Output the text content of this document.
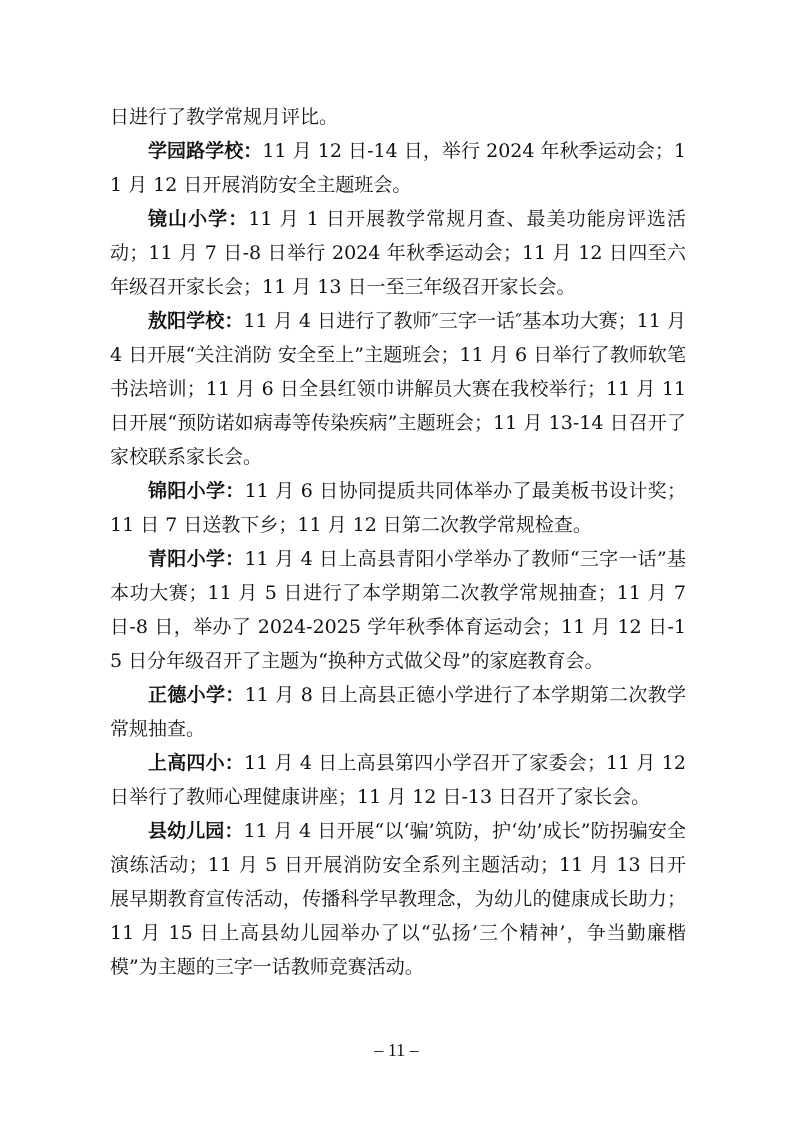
日进行了教学常规月评比。

学园路学校：11 月 12 日-14 日，举行 2024 年秋季运动会；11 月 12 日开展消防安全主题班会。

镜山小学：11 月 1 日开展教学常规月查、最美功能房评选活动；11 月 7 日-8 日举行 2024 年秋季运动会；11 月 12 日四至六年级召开家长会；11 月 13 日一至三年级召开家长会。

敖阳学校：11 月 4 日进行了教师″三字一话″基本功大赛；11 月 4 日开展“关注消防 安全至上”主题班会；11 月 6 日举行了教师软笔书法培训；11 月 6 日全县红领巾讲解员大赛在我校举行；11 月 11 日开展“预防诺如病毒等传染疾病”主题班会；11 月 13-14 日召开了家校联系家长会。

锦阳小学：11 月 6 日协同提质共同体举办了最美板书设计奖；11 日 7 日送教下乡；11 月 12 日第二次教学常规检查。

青阳小学：11 月 4 日上高县青阳小学举办了教师“三字一话”基本功大赛；11 月 5 日进行了本学期第二次教学常规抽查；11 月 7 日-8 日，举办了 2024-2025 学年秋季体育运动会；11 月 12 日-15 日分年级召开了主题为“换种方式做父母”的家庭教育会。

正德小学：11 月 8 日上高县正德小学进行了本学期第二次教学常规抽查。

上高四小：11 月 4 日上高县第四小学召开了家委会；11 月 12 日举行了教师心理健康讲座；11 月 12 日-13 日召开了家长会。

县幼儿园：11 月 4 日开展“以‘骗’筑防，护‘幼’成长”防拐骗安全演练活动；11 月 5 日开展消防安全系列主题活动；11 月 13 日开展早期教育宣传活动，传播科学早教理念，为幼儿的健康成长助力；11 月 15 日上高县幼儿园举办了以“弘扬’三个精神’，争当勤廉楷模”为主题的三字一话教师竞赛活动。

– 11 –
